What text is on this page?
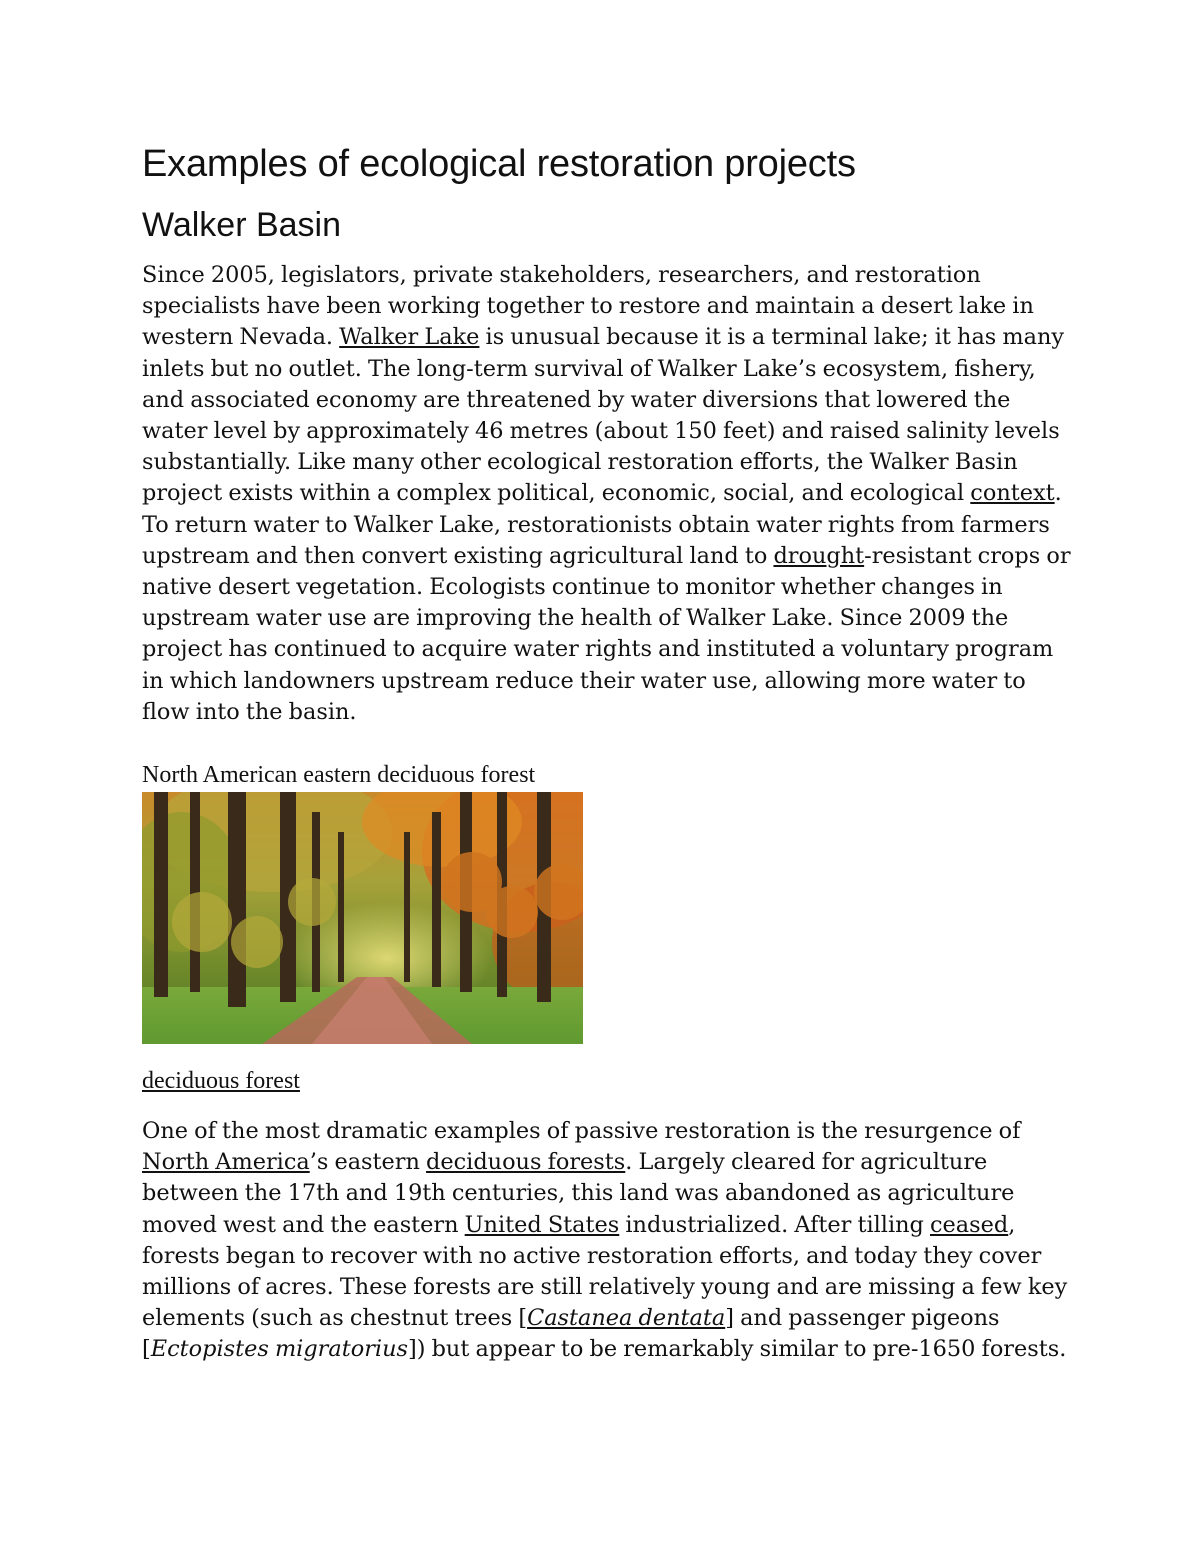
Examples of ecological restoration projects
Walker Basin

Since 2005, legislators, private stakeholders, researchers, and restoration specialists have been working together to restore and maintain a desert lake in western Nevada. Walker Lake is unusual because it is a terminal lake; it has many inlets but no outlet. The long-term survival of Walker Lake’s ecosystem, fishery, and associated economy are threatened by water diversions that lowered the water level by approximately 46 metres (about 150 feet) and raised salinity levels substantially. Like many other ecological restoration efforts, the Walker Basin project exists within a complex political, economic, social, and ecological context. To return water to Walker Lake, restorationists obtain water rights from farmers upstream and then convert existing agricultural land to drought-resistant crops or native desert vegetation. Ecologists continue to monitor whether changes in upstream water use are improving the health of Walker Lake. Since 2009 the project has continued to acquire water rights and instituted a voluntary program in which landowners upstream reduce their water use, allowing more water to flow into the basin.

North American eastern deciduous forest
deciduous forest

One of the most dramatic examples of passive restoration is the resurgence of North America’s eastern deciduous forests. Largely cleared for agriculture between the 17th and 19th centuries, this land was abandoned as agriculture moved west and the eastern United States industrialized. After tilling ceased, forests began to recover with no active restoration efforts, and today they cover millions of acres. These forests are still relatively young and are missing a few key elements (such as chestnut trees [Castanea dentata] and passenger pigeons [Ectopistes migratorius]) but appear to be remarkably similar to pre-1650 forests.
